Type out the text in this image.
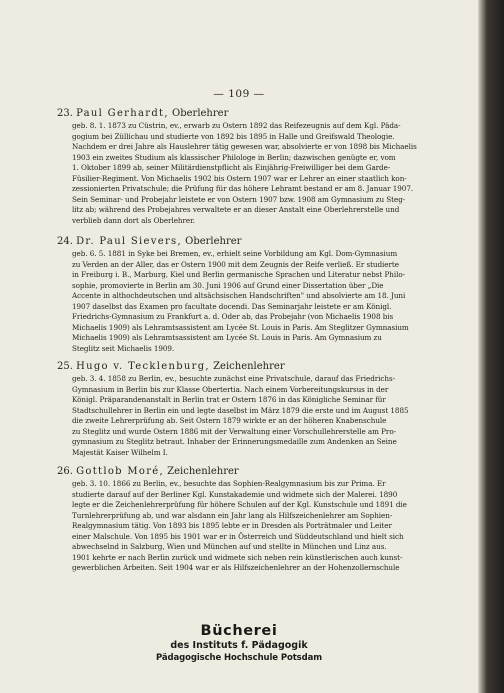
— 109 —
23. Paul Gerhardt, Oberlehrer
geb. 8. 1. 1873 zu Cüstrin, ev., erwarb zu Ostern 1892 das Reifezeugnis auf dem Kgl. Päda-
gogium bei Züllichau und studierte von 1892 bis 1895 in Halle und Greifswald Theologie.
Nachdem er drei Jahre als Hauslehrer tätig gewesen war, absolvierte er von 1898 bis Michaelis
1903 ein zweites Studium als klassischer Philologe in Berlin; dazwischen genügte er, vom
1. Oktober 1899 ab, seiner Militärdienstpflicht als Einjährig-Freiwilliger bei dem Garde-
Füsilier-Regiment. Von Michaelis 1902 bis Ostern 1907 war er Lehrer an einer staatlich kon-
zessionierten Privatschule; die Prüfung für das höhere Lehramt bestand er am 8. Januar 1907.
Sein Seminar- und Probejahr leistete er von Ostern 1907 bzw. 1908 am Gymnasium zu Steg-
litz ab; während des Probejahres verwaltete er an dieser Anstalt eine Oberlehrerstelle und
verblieb dann dort als Oberlehrer.
24. Dr. Paul Sievers, Oberlehrer
geb. 6. 5. 1881 in Syke bei Bremen, ev., erhielt seine Vorbildung am Kgl. Dom-Gymnasium
zu Verden an der Aller, das er Ostern 1900 mit dem Zeugnis der Reife verließ. Er studierte
in Freiburg i. B., Marburg, Kiel und Berlin germanische Sprachen und Literatur nebst Philo-
sophie, promovierte in Berlin am 30. Juni 1906 auf Grund einer Dissertation über „Die
Accente in althochdeutschen und altsächsischen Handschriften" und absolvierte am 18. Juni
1907 daselbst das Examen pro facultate docendi. Das Seminarjahr leistete er am Königl.
Friedrichs-Gymnasium zu Frankfurt a. d. Oder ab, das Probejahr (von Michaelis 1908 bis
Michaelis 1909) als Lehramtsassistent am Lycée St. Louis in Paris. Am Steglitzer Gymnasium
Michaelis 1909) als Lehramtsassistent am Lycée St. Louis in Paris. Am Gymnasium zu
Steglitz seit Michaelis 1909.
25. Hugo v. Tecklenburg, Zeichenlehrer
geb. 3. 4. 1858 zu Berlin, ev., besuchte zunächst eine Privatschule, darauf das Friedrichs-
Gymnasium in Berlin bis zur Klasse Obertertia. Nach einem Vorbereitungskursus in der
Königl. Präparandenanstalt in Berlin trat er Ostern 1876 in das Königliche Seminar für
Stadtschullehrer in Berlin ein und legte daselbst im März 1879 die erste und im August 1885
die zweite Lehrerprüfung ab. Seit Ostern 1879 wirkte er an der höheren Knabenschule
zu Steglitz und wurde Ostern 1886 mit der Verwaltung einer Vorschullehrerstelle am Pro-
gymnasium zu Steglitz betraut. Inhaber der Erinnerungsmedaille zum Andenken an Seine
Majestät Kaiser Wilhelm I.
26. Gottlob Moré, Zeichenlehrer
geb. 3. 10. 1866 zu Berlin, ev., besuchte das Sophien-Realgymnasium bis zur Prima. Er
studierte darauf auf der Berliner Kgl. Kunstakademie und widmete sich der Malerei. 1890
legte er die Zeichenlehrerprüfung für höhere Schulen auf der Kgl. Kunstschule und 1891 die
Turnlehrerprüfung ab, und war alsdann ein Jahr lang als Hilfszeichenlehrer am Sophien-
Realgymnasium tätig. Von 1893 bis 1895 lebte er in Dresden als Porträtmaler und Leiter
einer Malschule. Von 1895 bis 1901 war er in Österreich und Süddeutschland und hielt sich
abwechselnd in Salzburg, Wien und München auf und stellte in München und Linz aus.
1901 kehrte er nach Berlin zurück und widmete sich neben rein künstlerischen auch kunst-
gewerblichen Arbeiten. Seit 1904 war er als Hilfszeichenlehrer an der Hohenzollernschule
Bücherei
des Instituts f. Pädagogik
Pädagogische Hochschule Potsdam
